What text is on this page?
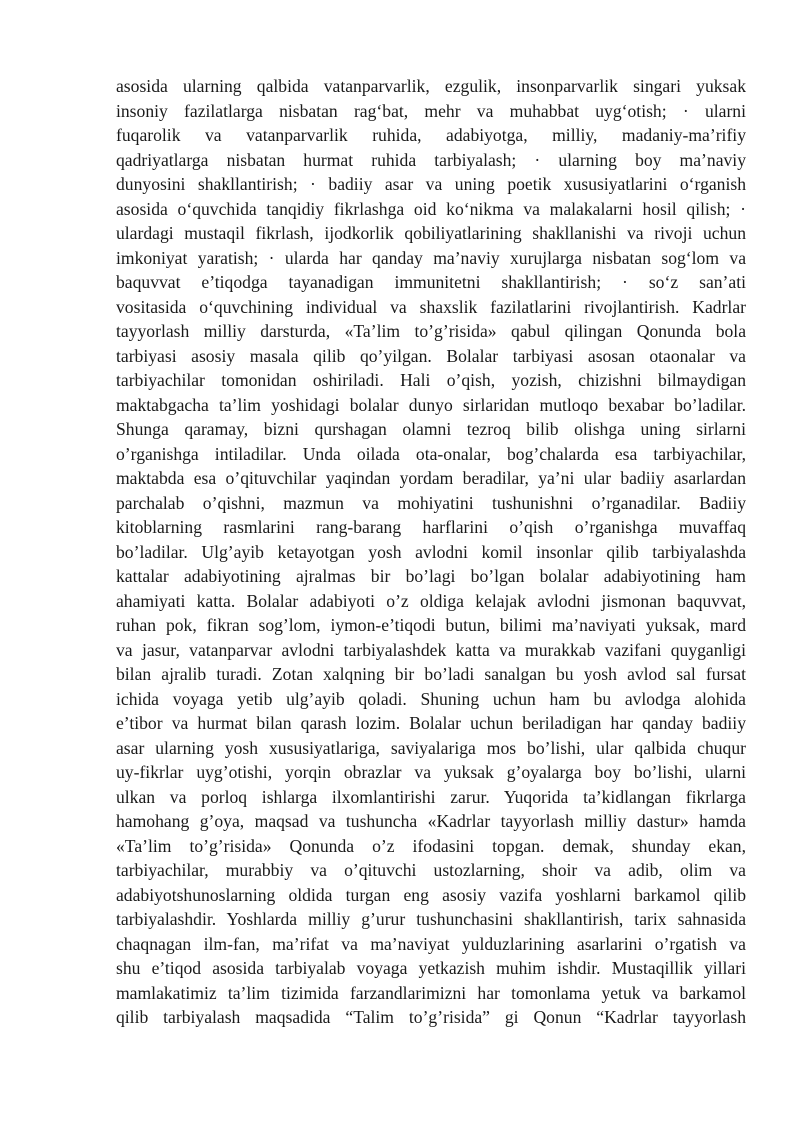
asosida ularning qalbida vatanparvarlik, ezgulik, insonparvarlik singari yuksak
insoniy fazilatlarga nisbatan rag‘bat, mehr va muhabbat uyg‘otish; · ularni
fuqarolik va vatanparvarlik ruhida, adabiyotga, milliy, madaniy-ma’rifiy
qadriyatlarga nisbatan hurmat ruhida tarbiyalash; · ularning boy ma’naviy
dunyosini shakllantirish; · badiiy asar va uning poetik xususiyatlarini o‘rganish
asosida o‘quvchida tanqidiy fikrlashga oid ko‘nikma va malakalarni hosil qilish; ·
ulardagi mustaqil fikrlash, ijodkorlik qobiliyatlarining shakllanishi va rivoji uchun
imkoniyat yaratish; · ularda har qanday ma’naviy xurujlarga nisbatan sog‘lom va
baquvvat e’tiqodga tayanadigan immunitetni shakllantirish; · so‘z san’ati
vositasida o‘quvchining individual va shaxslik fazilatlarini rivojlantirish. Kadrlar
tayyorlash milliy darsturda, «Ta’lim to’g’risida» qabul qilingan Qonunda bola
tarbiyasi asosiy masala qilib qo’yilgan. Bolalar tarbiyasi asosan otaonalar va
tarbiyachilar tomonidan oshiriladi. Hali o’qish, yozish, chizishni bilmaydigan
maktabgacha ta’lim yoshidagi bolalar dunyo sirlaridan mutloqo bexabar bo’ladilar.
Shunga qaramay, bizni qurshagan olamni tezroq bilib olishga uning sirlarni
o’rganishga intiladilar. Unda oilada ota-onalar, bog’chalarda esa tarbiyachilar,
maktabda esa o’qituvchilar yaqindan yordam beradilar, ya’ni ular badiiy asarlardan
parchalab o’qishni, mazmun va mohiyatini tushunishni o’rganadilar. Badiiy
kitoblarning rasmlarini rang-barang harflarini o’qish o’rganishga muvaffaq
bo’ladilar. Ulg’ayib ketayotgan yosh avlodni komil insonlar qilib tarbiyalashda
kattalar adabiyotining ajralmas bir bo’lagi bo’lgan bolalar adabiyotining ham
ahamiyati katta. Bolalar adabiyoti o’z oldiga kelajak avlodni jismonan baquvvat,
ruhan pok, fikran sog’lom, iymon-e’tiqodi butun, bilimi ma’naviyati yuksak, mard
va jasur, vatanparvar avlodni tarbiyalashdek katta va murakkab vazifani quyganligi
bilan ajralib turadi. Zotan xalqning bir bo’ladi sanalgan bu yosh avlod sal fursat
ichida voyaga yetib ulg’ayib qoladi. Shuning uchun ham bu avlodga alohida
e’tibor va hurmat bilan qarash lozim. Bolalar uchun beriladigan har qanday badiiy
asar ularning yosh xususiyatlariga, saviyalariga mos bo’lishi, ular qalbida chuqur
uy-fikrlar uyg’otishi, yorqin obrazlar va yuksak g’oyalarga boy bo’lishi, ularni
ulkan va porloq ishlarga ilxomlantirishi zarur. Yuqorida ta’kidlangan fikrlarga
hamohang g’oya, maqsad va tushuncha «Kadrlar tayyorlash milliy dastur» hamda
«Ta’lim to’g’risida» Qonunda o’z ifodasini topgan. demak, shunday ekan,
tarbiyachilar, murabbiy va o’qituvchi ustozlarning, shoir va adib, olim va
adabiyotshunoslarning oldida turgan eng asosiy vazifa yoshlarni barkamol qilib
tarbiyalashdir. Yoshlarda milliy g’urur tushunchasini shakllantirish, tarix sahnasida
chaqnagan ilm-fan, ma’rifat va ma’naviyat yulduzlarining asarlarini o’rgatish va
shu e’tiqod asosida tarbiyalab voyaga yetkazish muhim ishdir. Mustaqillik yillari
mamlakatimiz ta’lim tizimida farzandlarimizni har tomonlama yetuk va barkamol
qilib tarbiyalash maqsadida “Talim to’g’risida” gi Qonun “Kadrlar tayyorlash
